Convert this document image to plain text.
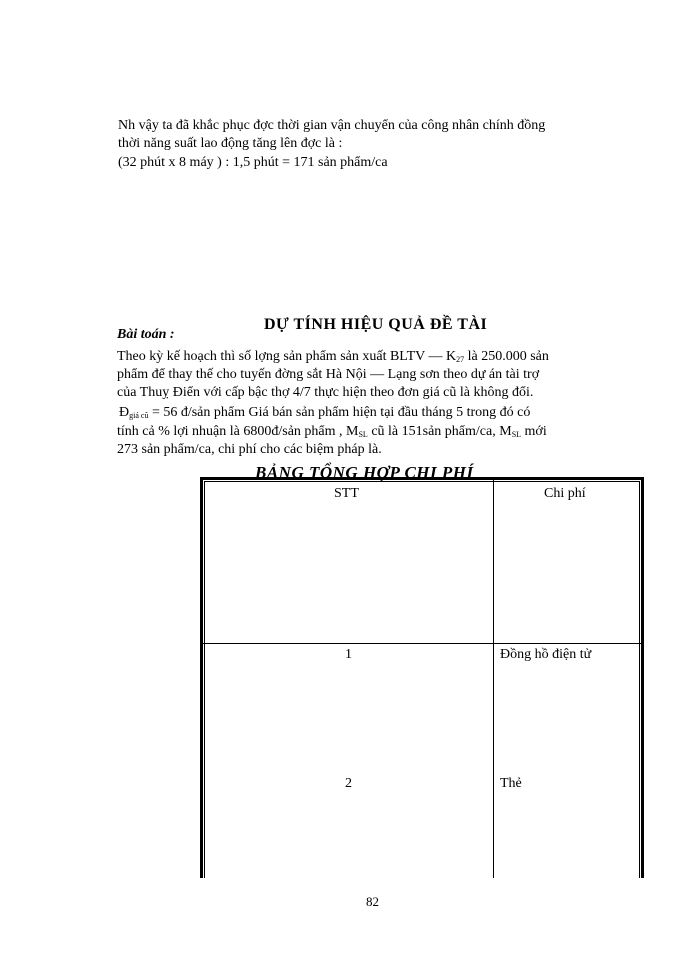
Nh vậy ta đã khắc phục đợc thời gian vận chuyển của công nhân chính đồng
thời năng suất lao động tăng lên đợc là :
(32 phút x 8 máy ) : 1,5 phút = 171 sản phẩm/ca
DỰ TÍNH HIỆU QUẢ ĐỀ TÀI
Bài toán :
Theo kỳ kế hoạch thì số lợng sản phẩm sản xuất BLTV — $K_{27}$ là 250.000 sản
phẩm để thay thế cho tuyến đờng sắt Hà Nội — Lạng sơn theo dự án tài trợ
của Thuỵ Điển với cấp bậc thợ 4/7 thực hiện theo đơn giá cũ là không đổi.
$Đ_{giá cũ} = 56$ đ/sản phẩm Giá bán sản phẩm hiện tại đầu tháng 5 trong đó có
tính cả % lợi nhuận là 6800đ/sản phẩm , $M_{SL}$ cũ là 151sản phẩm/ca, $M_{SL}$ mới
273 sản phẩm/ca, chi phí cho các biệm pháp là.
BẢNG TỔNG HỢP CHI PHÍ
STT	Chi phí
1	Đồng hồ điện tử
2	Thẻ
82
